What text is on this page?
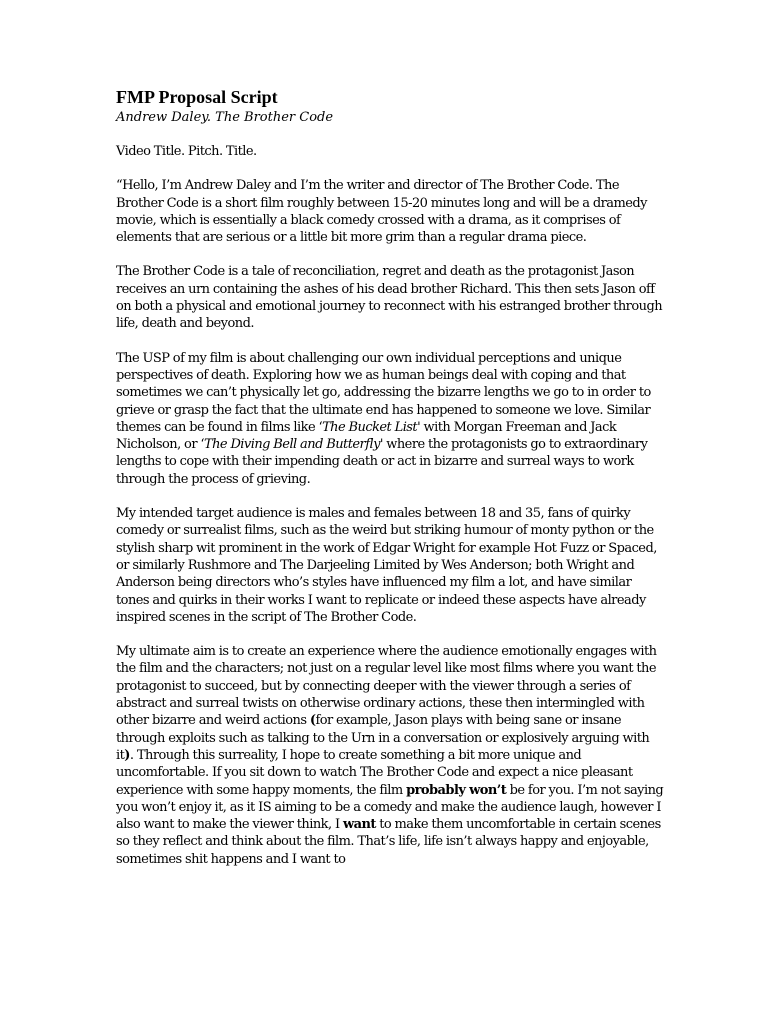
FMP Proposal Script
Andrew Daley. The Brother Code

Video Title. Pitch. Title.

“Hello, I’m Andrew Daley and I’m the writer and director of The Brother Code. The Brother Code is a short film roughly between 15-20 minutes long and will be a dramedy movie, which is essentially a black comedy crossed with a drama, as it comprises of elements that are serious or a little bit more grim than a regular drama piece.

The Brother Code is a tale of reconciliation, regret and death as the protagonist Jason receives an urn containing the ashes of his dead brother Richard. This then sets Jason off on both a physical and emotional journey to reconnect with his estranged brother through life, death and beyond.

The USP of my film is about challenging our own individual perceptions and unique perspectives of death. Exploring how we as human beings deal with coping and that sometimes we can’t physically let go, addressing the bizarre lengths we go to in order to grieve or grasp the fact that the ultimate end has happened to someone we love. Similar themes can be found in films like ‘The Bucket List' with Morgan Freeman and Jack Nicholson, or ‘The Diving Bell and Butterfly' where the protagonists go to extraordinary lengths to cope with their impending death or act in bizarre and surreal ways to work through the process of grieving.

My intended target audience is males and females between 18 and 35, fans of quirky comedy or surrealist films, such as the weird but striking humour of monty python or the stylish sharp wit prominent in the work of Edgar Wright for example Hot Fuzz or Spaced, or similarly Rushmore and The Darjeeling Limited by Wes Anderson; both Wright and Anderson being directors who’s styles have influenced my film a lot, and have similar tones and quirks in their works I want to replicate or indeed these aspects have already inspired scenes in the script of The Brother Code.

My ultimate aim is to create an experience where the audience emotionally engages with the film and the characters; not just on a regular level like most films where you want the protagonist to succeed, but by connecting deeper with the viewer through a series of abstract and surreal twists on otherwise ordinary actions, these then intermingled with other bizarre and weird actions (for example, Jason plays with being sane or insane through exploits such as talking to the Urn in a conversation or explosively arguing with it). Through this surreality, I hope to create something a bit more unique and uncomfortable. If you sit down to watch The Brother Code and expect a nice pleasant experience with some happy moments, the film probably won’t be for you. I’m not saying you won’t enjoy it, as it IS aiming to be a comedy and make the audience laugh, however I also want to make the viewer think, I want to make them uncomfortable in certain scenes so they reflect and think about the film. That’s life, life isn’t always happy and enjoyable, sometimes shit happens and I want to
